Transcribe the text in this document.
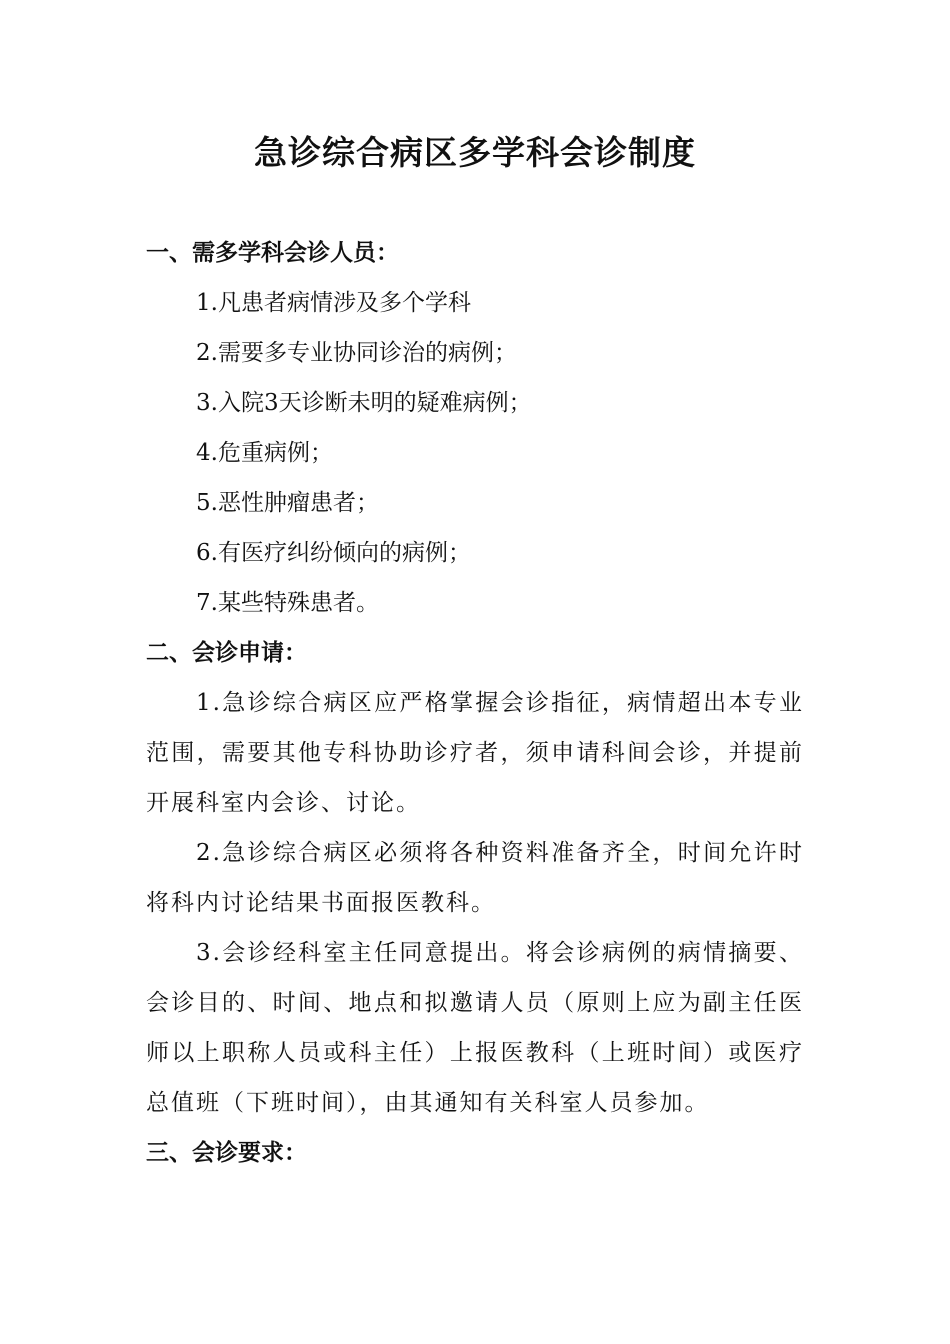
急诊综合病区多学科会诊制度
一、需多学科会诊人员：
1.凡患者病情涉及多个学科
2.需要多专业协同诊治的病例；
3.入院3天诊断未明的疑难病例；
4.危重病例；
5.恶性肿瘤患者；
6.有医疗纠纷倾向的病例；
7.某些特殊患者。
二、会诊申请：

1.急诊综合病区应严格掌握会诊指征，病情超出本专业范围，需要其他专科协助诊疗者，须申请科间会诊，并提前开展科室内会诊、讨论。

2.急诊综合病区必须将各种资料准备齐全，时间允许时将科内讨论结果书面报医教科。

3.会诊经科室主任同意提出。将会诊病例的病情摘要、会诊目的、时间、地点和拟邀请人员（原则上应为副主任医师以上职称人员或科主任）上报医教科（上班时间）或医疗总值班（下班时间），由其通知有关科室人员参加。

三、会诊要求：
